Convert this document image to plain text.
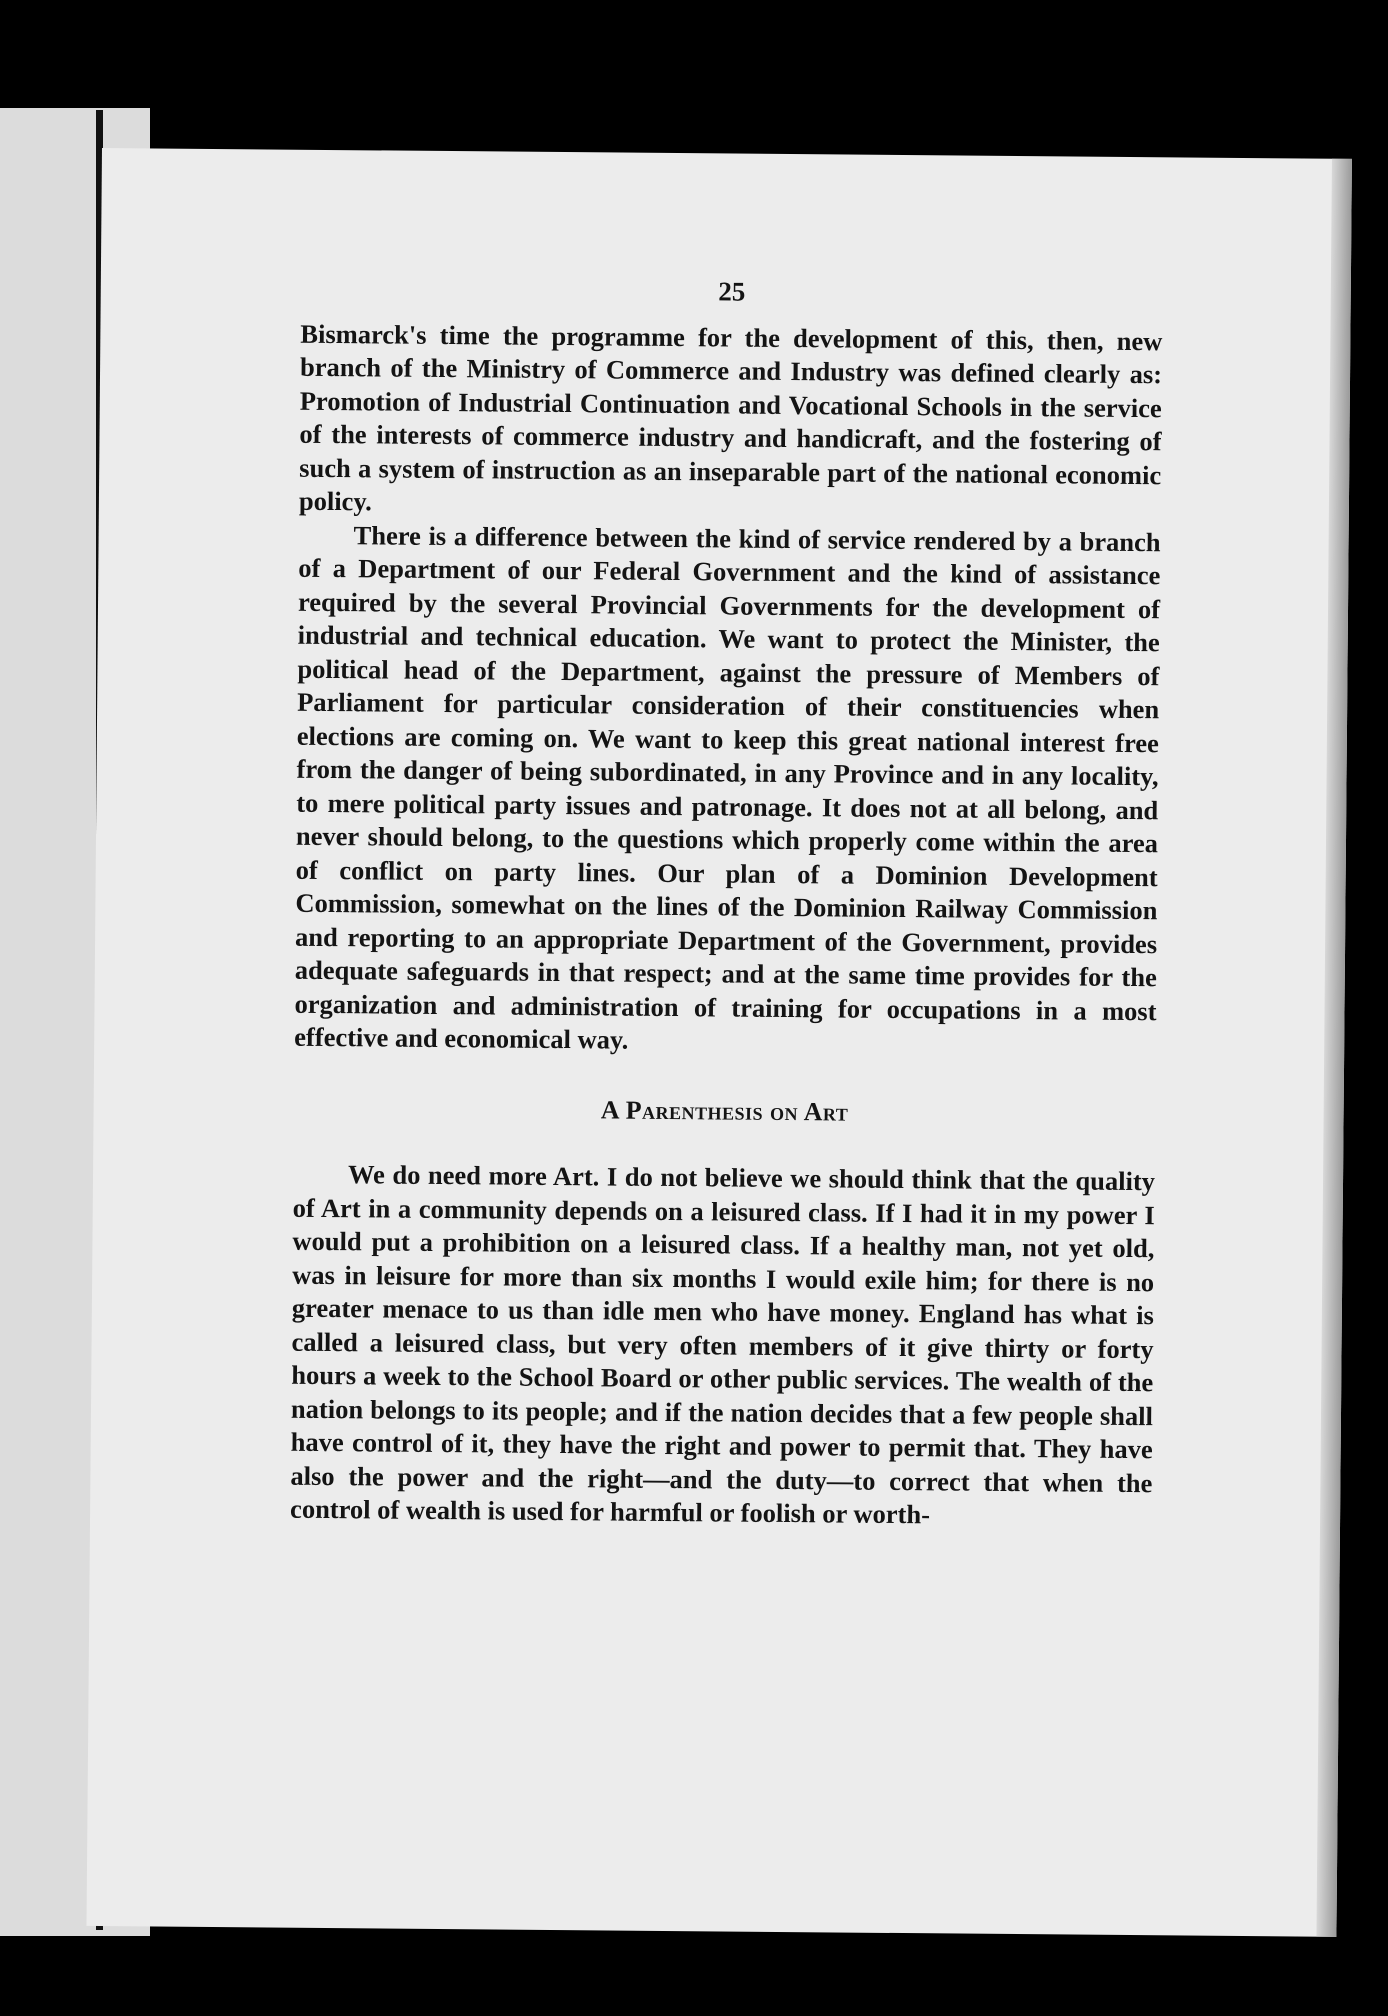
25

Bismarck's time the programme for the development of this, then, new branch of the Ministry of Commerce and Industry was defined clearly as: Promotion of Industrial Continuation and Vocational Schools in the service of the interests of commerce industry and handicraft, and the fostering of such a system of instruction as an inseparable part of the national economic policy.

There is a difference between the kind of service rendered by a branch of a Department of our Federal Government and the kind of assistance required by the several Provincial Governments for the development of industrial and technical education. We want to protect the Minister, the political head of the Department, against the pressure of Members of Parliament for particular consideration of their constituencies when elections are coming on. We want to keep this great national interest free from the danger of being subordinated, in any Province and in any locality, to mere political party issues and patronage. It does not at all belong, and never should belong, to the questions which properly come within the area of conflict on party lines. Our plan of a Dominion Development Commission, somewhat on the lines of the Dominion Railway Commission and reporting to an appropriate Department of the Government, provides adequate safeguards in that respect; and at the same time provides for the organization and administration of training for occupations in a most effective and economical way.

A Parenthesis on Art

We do need more Art. I do not believe we should think that the quality of Art in a community depends on a leisured class. If I had it in my power I would put a prohibition on a leisured class. If a healthy man, not yet old, was in leisure for more than six months I would exile him; for there is no greater menace to us than idle men who have money. England has what is called a leisured class, but very often members of it give thirty or forty hours a week to the School Board or other public services. The wealth of the nation belongs to its people; and if the nation decides that a few people shall have control of it, they have the right and power to permit that. They have also the power and the right—and the duty—to correct that when the control of wealth is used for harmful or foolish or worth-
